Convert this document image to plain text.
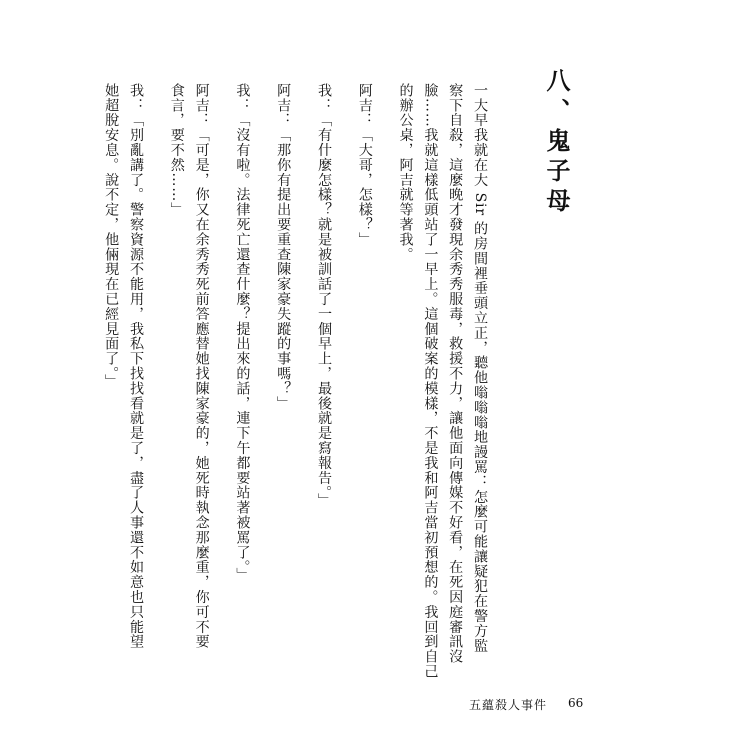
八、鬼子母
一大早我就在大 Sir 的房間裡垂頭立正，聽他嗡嗡嗡地謾罵：怎麼可能讓疑犯在警方監
察下自殺，這麼晚才發現余秀秀服毒，救援不力，讓他面向傳媒不好看，在死因庭審訊沒
臉……我就這樣低頭站了一早上。這個破案的模樣，不是我和阿吉當初預想的。我回到自己
的辦公桌，阿吉就等著我。
阿吉：「大哥，怎樣？」
我：「有什麼怎樣？就是被訓話了一個早上，最後就是寫報告。」
阿吉：「那你有提出要重查陳家豪失蹤的事嗎？」
我：「沒有啦。法律死亡還查什麼？提出來的話，連下午都要站著被罵了。」
阿吉：「可是，你又在余秀秀死前答應替她找陳家豪的，她死時執念那麼重，你可不要
食言，要不然……」
我：「別亂講了。警察資源不能用，我私下找找看就是了，盡了人事還不如意也只能望
她超脫安息。說不定，他倆現在已經見面了。」
五蘊殺人事件 66
